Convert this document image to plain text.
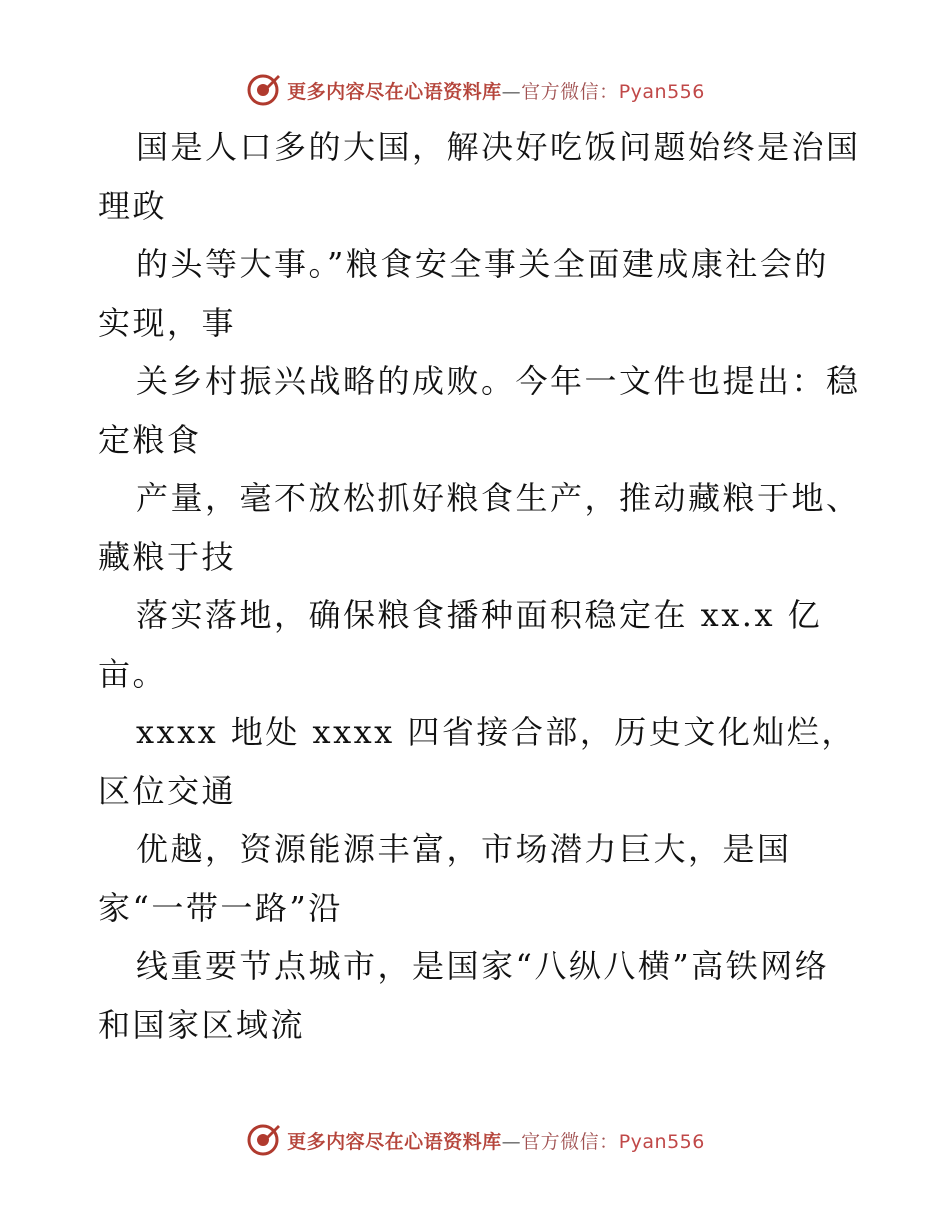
更多内容尽在心语资料库—官方微信：Pyan556
国是人口多的大国，解决好吃饭问题始终是治国
理政
的头等大事。”粮食安全事关全面建成康社会的
实现，事
关乡村振兴战略的成败。今年一文件也提出：稳
定粮食
产量，毫不放松抓好粮食生产，推动藏粮于地、
藏粮于技
落实落地，确保粮食播种面积稳定在 xx.x 亿
亩。
xxxx 地处 xxxx 四省接合部，历史文化灿烂，
区位交通
优越，资源能源丰富，市场潜力巨大，是国
家“一带一路”沿
线重要节点城市，是国家“八纵八横”高铁网络
和国家区域流
更多内容尽在心语资料库—官方微信：Pyan556
